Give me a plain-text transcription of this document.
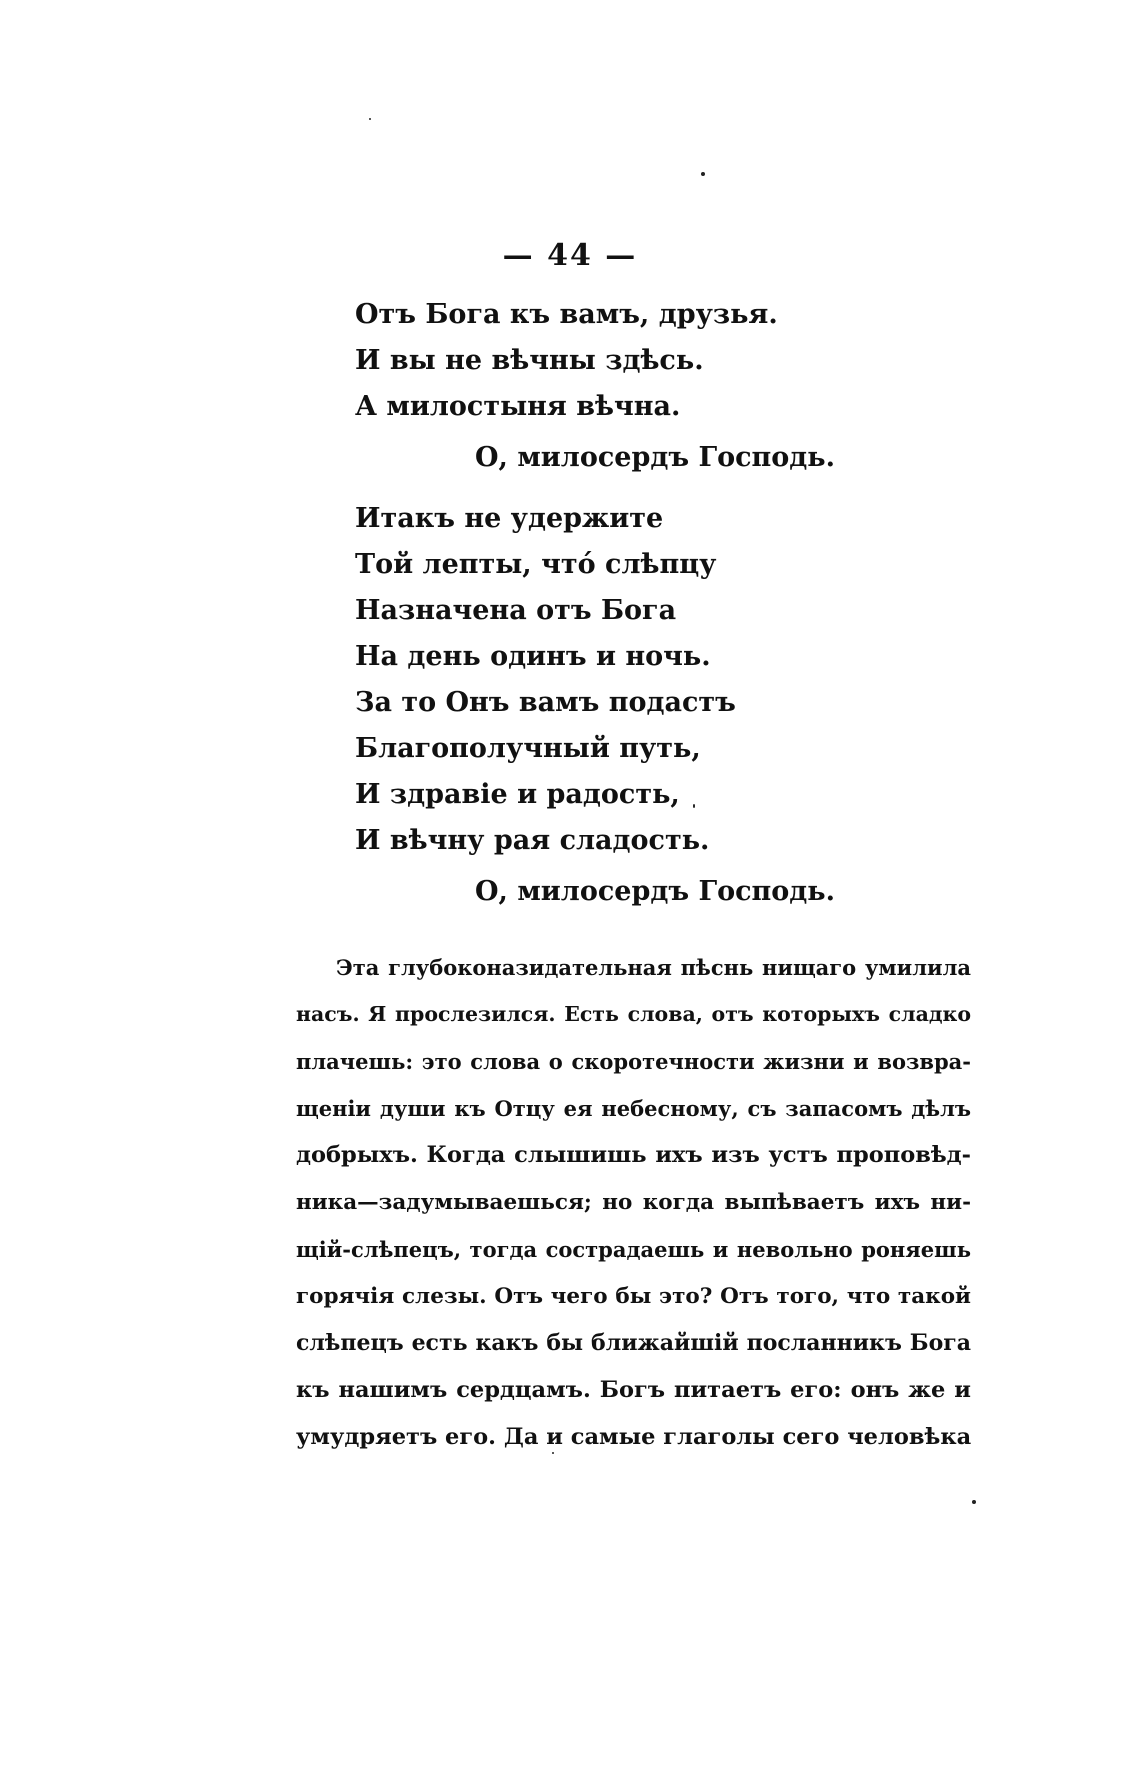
— 44 —
Отъ Бога къ вамъ, друзья.
И вы не вѣчны здѣсь.
А милостыня вѣчна.
О, милосердъ Господь.
Итакъ не удержите
Той лепты, что́ слѣпцу
Назначена отъ Бога
На день одинъ и ночь.
За то Онъ вамъ подастъ
Благополучный путь,
И здравіе и радость,
И вѣчну рая сладость.
О, милосердъ Господь.
Эта глубоконазидательная пѣснь нищаго умилила
насъ. Я прослезился. Есть слова, отъ которыхъ сладко
плачешь: это слова о скоротечности жизни и возвра-
щеніи души къ Отцу ея небесному, съ запасомъ дѣлъ
добрыхъ. Когда слышишь ихъ изъ устъ проповѣд-
ника—задумываешься; но когда выпѣваетъ ихъ ни-
щій-слѣпецъ, тогда сострадаешь и невольно роняешь
горячія слезы. Отъ чего бы это? Отъ того, что такой
слѣпецъ есть какъ бы ближайшій посланникъ Бога
къ нашимъ сердцамъ. Богъ питаетъ его: онъ же и
умудряетъ его. Да и самые глаголы сего человѣка
